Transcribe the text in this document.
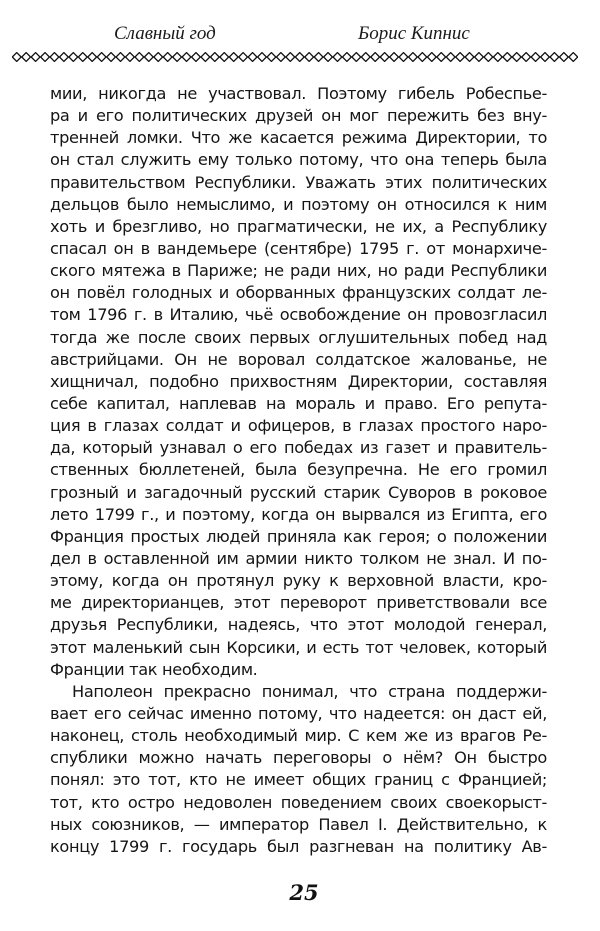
Славный год	Борис Кипнис
мии, никогда не участвовал. Поэтому гибель Робеспье-
ра и его политических друзей он мог пережить без вну-
тренней ломки. Что же касается режима Директории, то
он стал служить ему только потому, что она теперь была
правительством Республики. Уважать этих политических
дельцов было немыслимо, и поэтому он относился к ним
хоть и брезгливо, но прагматически, не их, а Республику
спасал он в вандемьере (сентябре) 1795 г. от монархиче-
ского мятежа в Париже; не ради них, но ради Республики
он повёл голодных и оборванных французских солдат ле-
том 1796 г. в Италию, чьё освобождение он провозгласил
тогда же после своих первых оглушительных побед над
австрийцами. Он не воровал солдатское жалованье, не
хищничал, подобно прихвостням Директории, составляя
себе капитал, наплевав на мораль и право. Его репута-
ция в глазах солдат и офицеров, в глазах простого наро-
да, который узнавал о его победах из газет и правитель-
ственных бюллетеней, была безупречна. Не его громил
грозный и загадочный русский старик Суворов в роковое
лето 1799 г., и поэтому, когда он вырвался из Египта, его
Франция простых людей приняла как героя; о положении
дел в оставленной им армии никто толком не знал. И по-
этому, когда он протянул руку к верховной власти, кро-
ме директорианцев, этот переворот приветствовали все
друзья Республики, надеясь, что этот молодой генерал,
этот маленький сын Корсики, и есть тот человек, который
Франции так необходим.
Наполеон прекрасно понимал, что страна поддержи-
вает его сейчас именно потому, что надеется: он даст ей,
наконец, столь необходимый мир. С кем же из врагов Ре-
спублики можно начать переговоры о нём? Он быстро
понял: это тот, кто не имеет общих границ с Францией;
тот, кто остро недоволен поведением своих своекорыст-
ных союзников, — император Павел I. Действительно, к
концу 1799 г. государь был разгневан на политику Ав-
25
